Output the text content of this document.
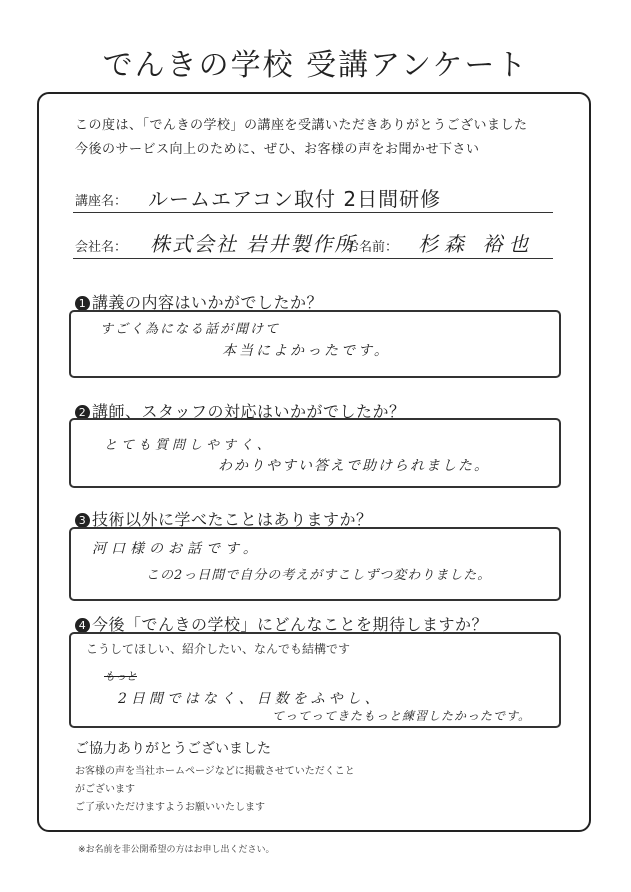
でんきの学校 受講アンケート
この度は、「でんきの学校」の講座を受講いただきありがとうございました
今後のサービス向上のために、ぜひ、お客様の声をお聞かせ下さい
講座名： ルームエアコン取付 2日間研修
会社名： 株式会社 岩井製作所
お名前： 杉森 裕也
1 講義の内容はいかがでしたか？
すごく為になる話が聞けて
本当によかったです。
2 講師、スタッフの対応はいかがでしたか？
とても質問しやすく、
わかりやすい答えで助けられました。
3 技術以外に学べたことはありますか？
河口様のお話です。
この2っ日間で自分の考えがすこしずつ変わりました。
4 今後「でんきの学校」にどんなことを期待しますか？
こうしてほしい、紹介したい、なんでも結構です
もっと
2日間ではなく、日数をふやし、
てってってきたもっと練習したかったです。
ご協力ありがとうございました
お客様の声を当社ホームページなどに掲載させていただくこと
がございます
ご了承いただけますようお願いいたします
※お名前を非公開希望の方はお申し出ください。
